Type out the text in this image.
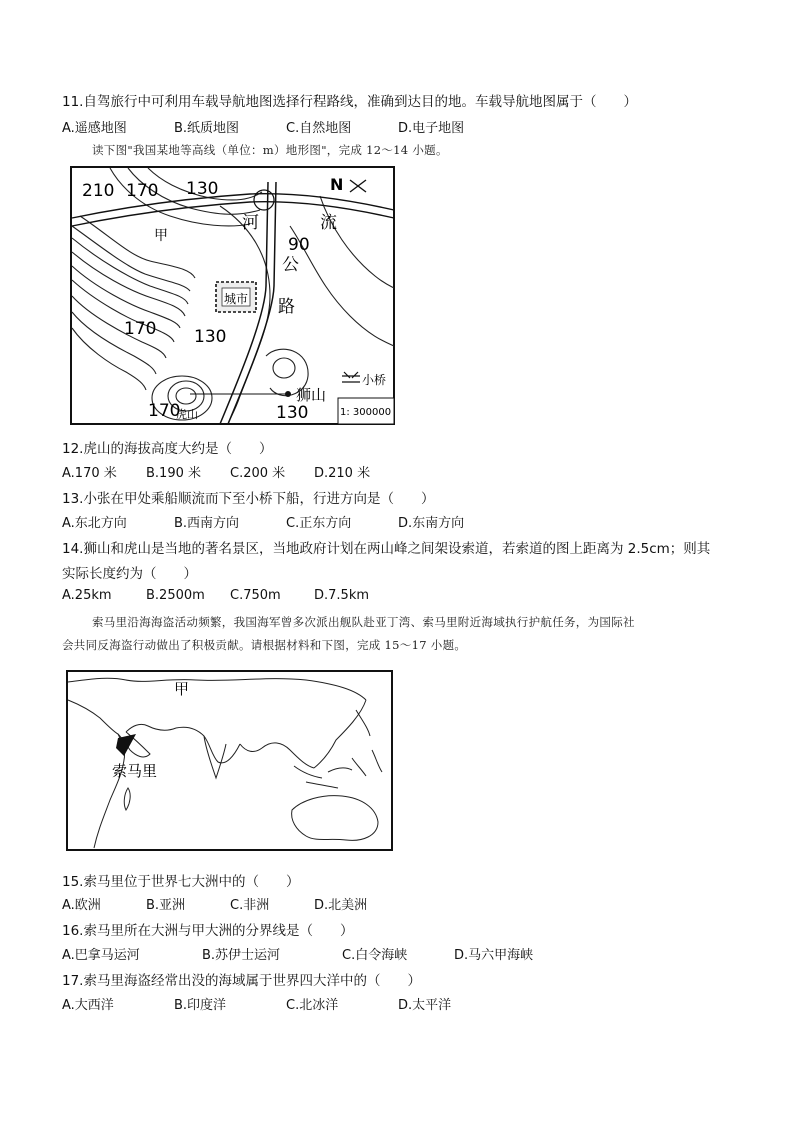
11.自驾旅行中可利用车载导航地图选择行程路线，准确到达目的地。车载导航地图属于（　　）
A.遥感地图	B.纸质地图	C.自然地图	D.电子地图
读下图"我国某地等高线（单位：m）地形图"，完成 12～14 小题。
210 170 130
90
170 130
170	130
N
河	流
公
路
甲
城市
狮山
虎山
小桥
1: 300000
12.虎山的海拔高度大约是（　　）
A.170 米 B.190 米 C.200 米 D.210 米
13.小张在甲处乘船顺流而下至小桥下船，行进方向是（　　）
A.东北方向	B.西南方向	C.正东方向	D.东南方向
14.狮山和虎山是当地的著名景区，当地政府计划在两山峰之间架设索道，若索道的图上距离为 2.5cm；则其
实际长度约为（　　）
A.25km	B.2500m C.750m	D.7.5km
索马里沿海海盗活动频繁，我国海军曾多次派出舰队赴亚丁湾、索马里附近海域执行护航任务，为国际社
会共同反海盗行动做出了积极贡献。请根据材料和下图，完成 15～17 小题。
甲
索马里
15.索马里位于世界七大洲中的（　　）
A.欧洲	B.亚洲	C.非洲	D.北美洲
16.索马里所在大洲与甲大洲的分界线是（　　）
A.巴拿马运河	B.苏伊士运河	C.白令海峡	D.马六甲海峡
17.索马里海盗经常出没的海域属于世界四大洋中的（　　）
A.大西洋	B.印度洋	C.北冰洋	D.太平洋
